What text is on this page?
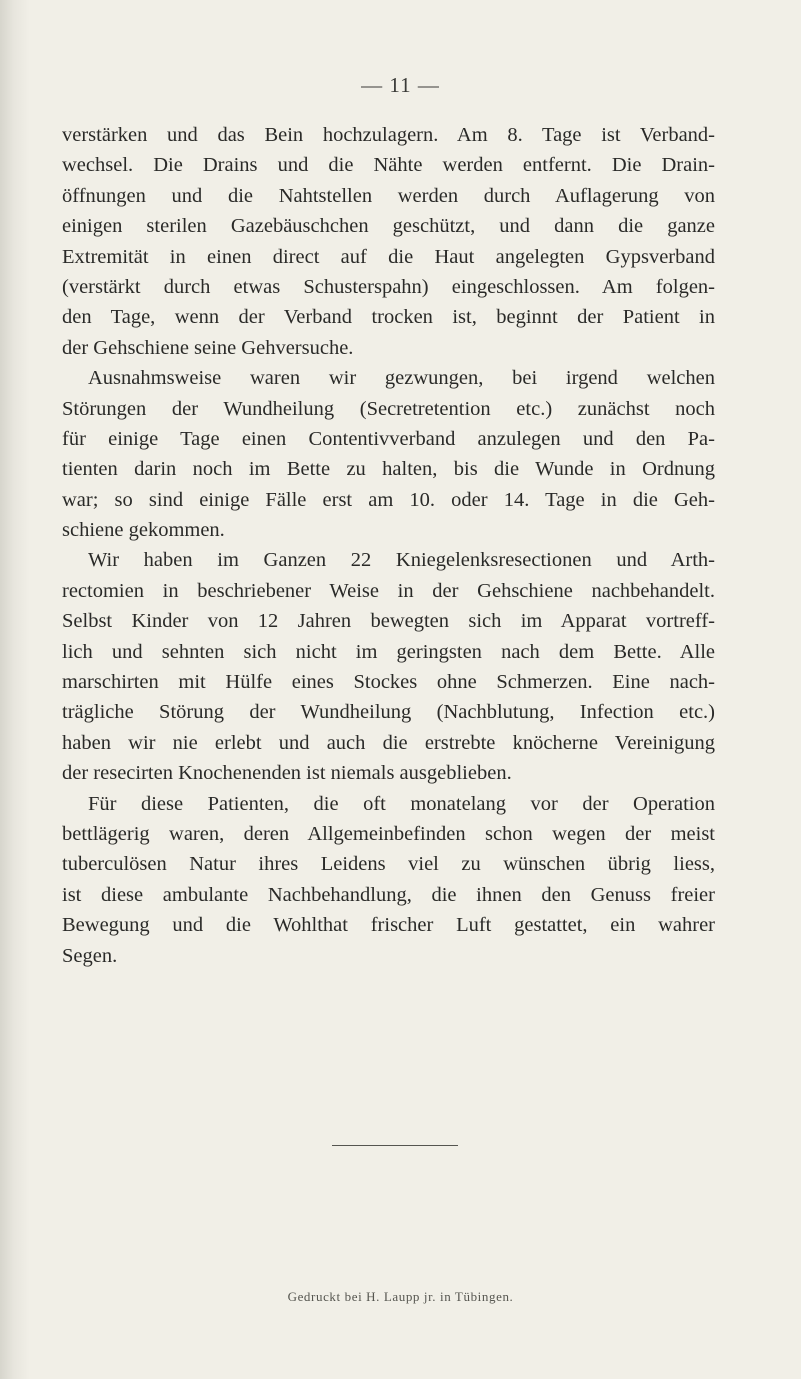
— 11 —
verstärken und das Bein hochzulagern. Am 8. Tage ist Verband-
wechsel. Die Drains und die Nähte werden entfernt. Die Drain-
öffnungen und die Nahtstellen werden durch Auflagerung von
einigen sterilen Gazebäuschchen geschützt, und dann die ganze
Extremität in einen direct auf die Haut angelegten Gypsverband
(verstärkt durch etwas Schusterspahn) eingeschlossen. Am folgen-
den Tage, wenn der Verband trocken ist, beginnt der Patient in
der Gehschiene seine Gehversuche.
Ausnahmsweise waren wir gezwungen, bei irgend welchen
Störungen der Wundheilung (Secretretention etc.) zunächst noch
für einige Tage einen Contentivverband anzulegen und den Pa-
tienten darin noch im Bette zu halten, bis die Wunde in Ordnung
war; so sind einige Fälle erst am 10. oder 14. Tage in die Geh-
schiene gekommen.
Wir haben im Ganzen 22 Kniegelenksresectionen und Arth-
rectomien in beschriebener Weise in der Gehschiene nachbehandelt.
Selbst Kinder von 12 Jahren bewegten sich im Apparat vortreff-
lich und sehnten sich nicht im geringsten nach dem Bette. Alle
marschirten mit Hülfe eines Stockes ohne Schmerzen. Eine nach-
trägliche Störung der Wundheilung (Nachblutung, Infection etc.)
haben wir nie erlebt und auch die erstrebte knöcherne Vereinigung
der resecirten Knochenenden ist niemals ausgeblieben.
Für diese Patienten, die oft monatelang vor der Operation
bettlägerig waren, deren Allgemeinbefinden schon wegen der meist
tuberculösen Natur ihres Leidens viel zu wünschen übrig liess,
ist diese ambulante Nachbehandlung, die ihnen den Genuss freier
Bewegung und die Wohlthat frischer Luft gestattet, ein wahrer
Segen.
Gedruckt bei H. Laupp jr. in Tübingen.
